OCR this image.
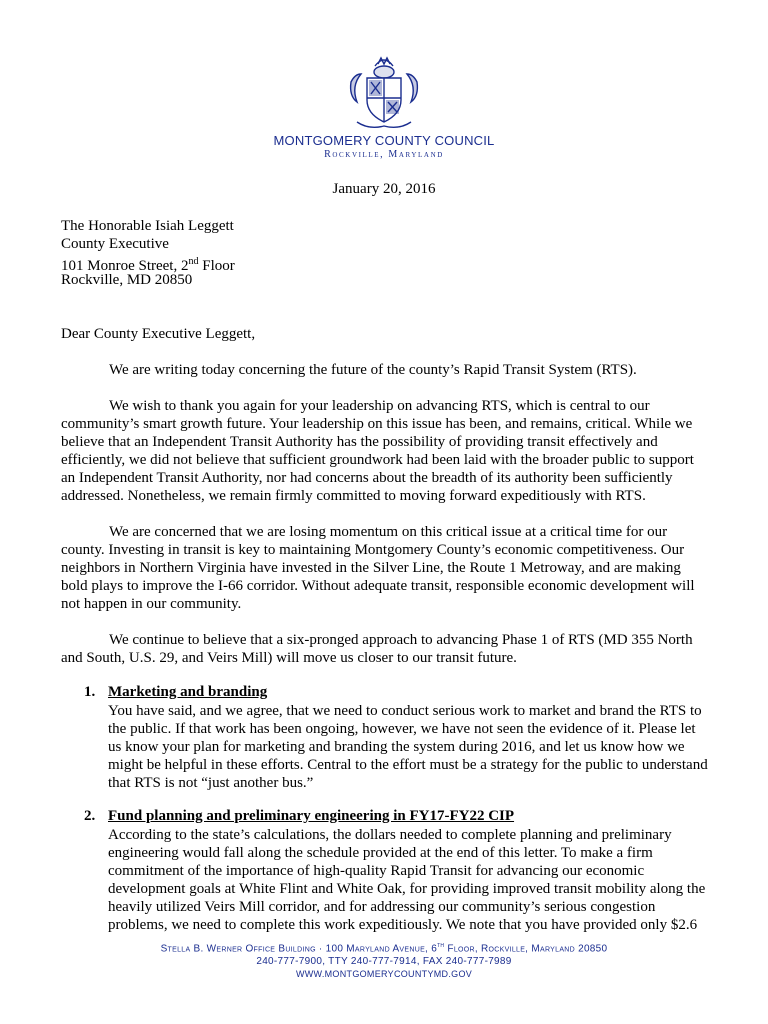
MONTGOMERY COUNTY COUNCIL
Rockville, Maryland
January 20, 2016
The Honorable Isiah Leggett
County Executive
101 Monroe Street, 2nd Floor
Rockville, MD 20850
Dear County Executive Leggett,

We are writing today concerning the future of the county’s Rapid Transit System (RTS).

We wish to thank you again for your leadership on advancing RTS, which is central to our community’s smart growth future. Your leadership on this issue has been, and remains, critical. While we believe that an Independent Transit Authority has the possibility of providing transit effectively and efficiently, we did not believe that sufficient groundwork had been laid with the broader public to support an Independent Transit Authority, nor had concerns about the breadth of its authority been sufficiently addressed. Nonetheless, we remain firmly committed to moving forward expeditiously with RTS.

We are concerned that we are losing momentum on this critical issue at a critical time for our county. Investing in transit is key to maintaining Montgomery County’s economic competitiveness. Our neighbors in Northern Virginia have invested in the Silver Line, the Route 1 Metroway, and are making bold plays to improve the I-66 corridor. Without adequate transit, responsible economic development will not happen in our community.

We continue to believe that a six-pronged approach to advancing Phase 1 of RTS (MD 355 North and South, U.S. 29, and Veirs Mill) will move us closer to our transit future.

1. Marketing and branding

You have said, and we agree, that we need to conduct serious work to market and brand the RTS to the public. If that work has been ongoing, however, we have not seen the evidence of it. Please let us know your plan for marketing and branding the system during 2016, and let us know how we might be helpful in these efforts. Central to the effort must be a strategy for the public to understand that RTS is not “just another bus.”

2. Fund planning and preliminary engineering in FY17-FY22 CIP

According to the state’s calculations, the dollars needed to complete planning and preliminary engineering would fall along the schedule provided at the end of this letter. To make a firm commitment of the importance of high-quality Rapid Transit for advancing our economic development goals at White Flint and White Oak, for providing improved transit mobility along the heavily utilized Veirs Mill corridor, and for addressing our community’s serious congestion problems, we need to complete this work expeditiously. We note that you have provided only $2.6

Stella B. Werner Office Building · 100 Maryland Avenue, 6th Floor, Rockville, Maryland 20850
240-777-7900, TTY 240-777-7914, FAX 240-777-7989
WWW.MONTGOMERYCOUNTYMD.GOV
